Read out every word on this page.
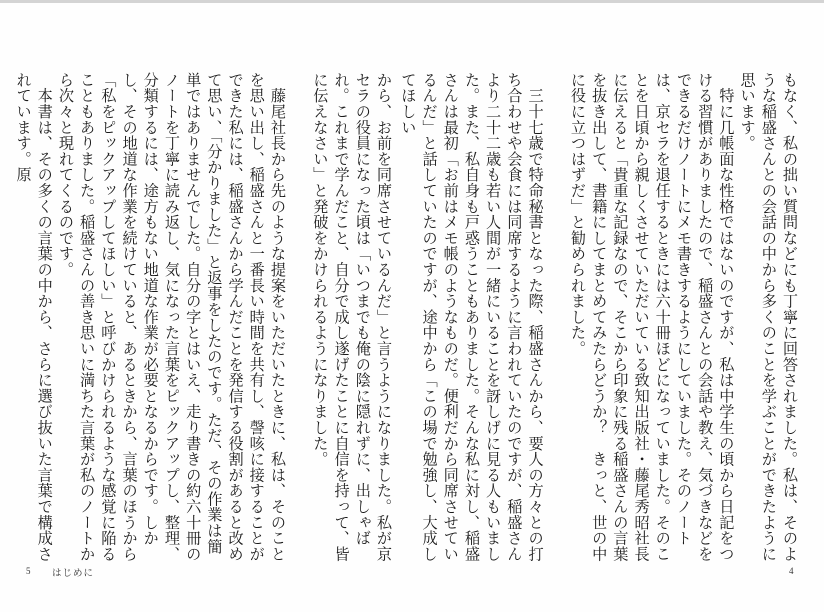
もなく、私の拙い質問などにも丁寧に回答されました。私は、そのような稲盛さんとの会話の中から多くのことを学ぶことができたように思います。
　特に几帳面な性格ではないのですが、私は中学生の頃から日記をつける習慣がありましたので、稲盛さんとの会話や教え、気づきなどをできるだけノートにメモ書きするようにしていました。そのノートは、京セラを退任するときには六十冊ほどになっていました。そのことを日頃から親しくさせていただいている致知出版社・藤尾秀昭社長に伝えると「貴重な記録なので、そこから印象に残る稲盛さんの言葉を抜き出して、書籍にしてまとめてみたらどうか？　きっと、世の中に役に立つはずだ」と勧められました。

　三十七歳で特命秘書となった際、稲盛さんから、要人の方々との打ち合わせや会食には同席するように言われていたのですが、稲盛さんより二十二歳も若い人間が一緒にいることを訝しげに見る人もいました。また、私自身も戸惑うこともありました。そんな私に対し、稲盛さんは最初「お前はメモ帳のようなものだ。便利だから同席させているんだ」と話していたのですが、途中から「この場で勉強し、大成してほしい
から、お前を同席させているんだ」と言うようになりました。私が京セラの役員になった頃は「いつまでも俺の陰に隠れずに、出しゃばれ。これまで学んだこと、自分で成し遂げたことに自信を持って、皆に伝えなさい」と発破をかけられるようになりました。

　藤尾社長から先のような提案をいただいたときに、私は、そのことを思い出し、稲盛さんと一番長い時間を共有し、謦咳に接することができた私には、稲盛さんから学んだことを発信する役割があると改めて思い、「分かりました」と返事をしたのです。ただ、その作業は簡単ではありませんでした。自分の字とはいえ、走り書きの約六十冊のノートを丁寧に読み返し、気になった言葉をピックアップし、整理、分類するには、途方もない地道な作業が必要となるからです。しかし、その地道な作業を続けていると、あるときから、言葉のほうから「私をピックアップしてほしい」と呼びかけられるような感覚に陥ることもありました。稲盛さんの善き思いに満ちた言葉が私のノートから次々と現れてくるのです。
　本書は、その多くの言葉の中から、さらに選び抜いた言葉で構成されています。原
5 はじめに	4
